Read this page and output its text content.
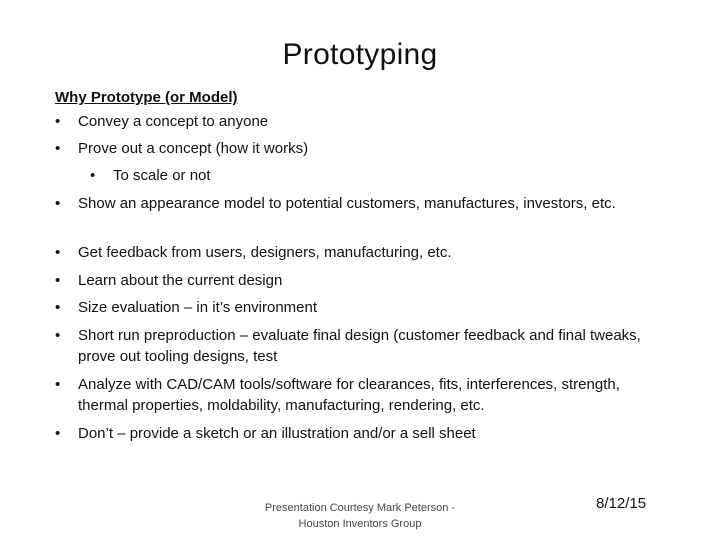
Prototyping
Why Prototype (or Model)
•	Convey a concept to anyone
•	Prove out a concept (how it works)
•	To scale or not
•	Show an appearance model to potential customers, manufactures, investors, etc.
•	Get feedback from users, designers, manufacturing, etc.
•	Learn about the current design
•	Size evaluation – in it’s environment
•	Short run preproduction – evaluate final design (customer feedback and final tweaks, prove out tooling designs, test
•	Analyze with CAD/CAM tools/software for clearances, fits, interferences, strength, thermal properties, moldability, manufacturing, rendering, etc.
•	Don’t – provide a sketch or an illustration and/or a sell sheet
Presentation Courtesy Mark Peterson -
Houston Inventors Group
8/12/15
